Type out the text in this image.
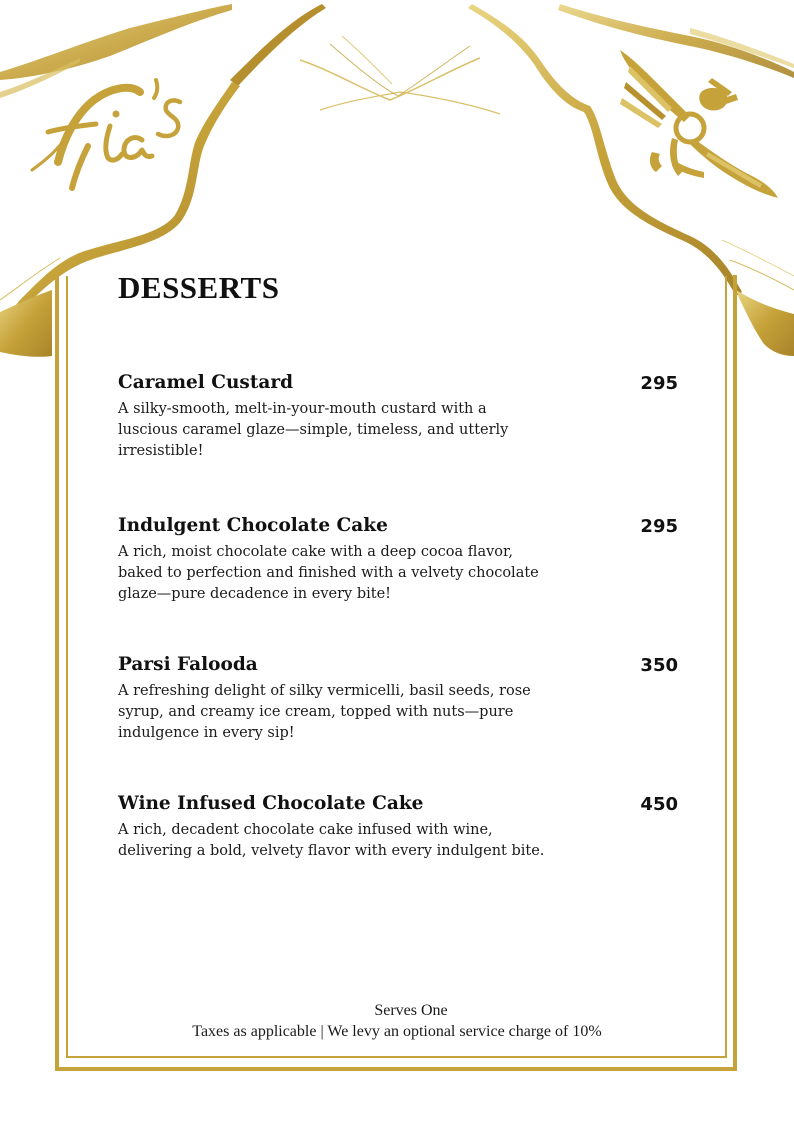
DESSERTS
Caramel Custard	295

A silky-smooth, melt-in-your-mouth custard with a luscious caramel glaze—simple, timeless, and utterly irresistible!

Indulgent Chocolate Cake	295

A rich, moist chocolate cake with a deep cocoa flavor, baked to perfection and finished with a velvety chocolate glaze—pure decadence in every bite!

Parsi Falooda	350

A refreshing delight of silky vermicelli, basil seeds, rose syrup, and creamy ice cream, topped with nuts—pure indulgence in every sip!

Wine Infused Chocolate Cake	450

A rich, decadent chocolate cake infused with wine, delivering a bold, velvety flavor with every indulgent bite.

Serves One
Taxes as applicable | We levy an optional service charge of 10%
